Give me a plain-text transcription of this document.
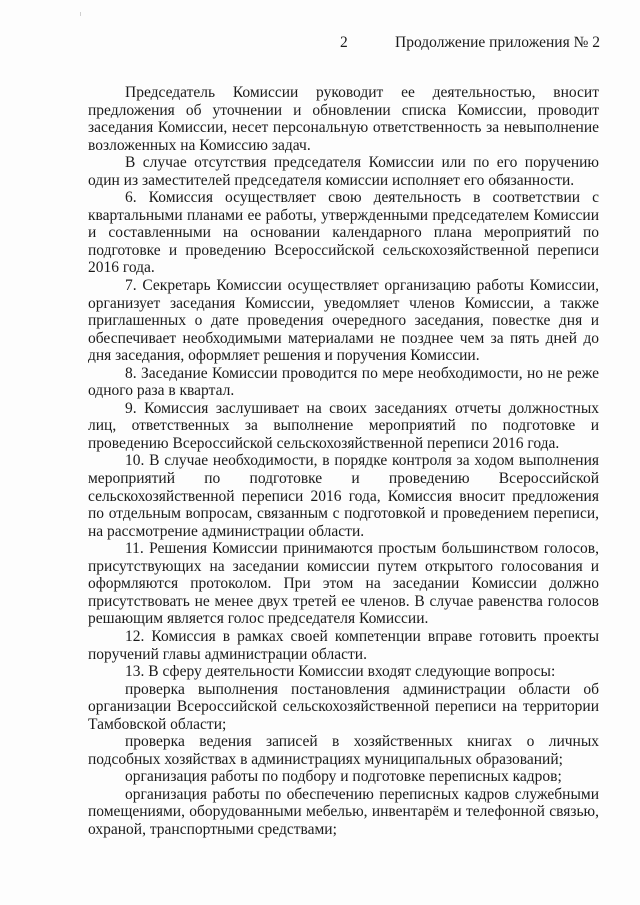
2	Продолжение приложения № 2

Председатель Комиссии руководит ее деятельностью, вносит предложения об уточнении и обновлении списка Комиссии, проводит заседания Комиссии, несет персональную ответственность за невыполнение возложенных на Комиссию задач.

В случае отсутствия председателя Комиссии или по его поручению один из заместителей председателя комиссии исполняет его обязанности.

6. Комиссия осуществляет свою деятельность в соответствии с квартальными планами ее работы, утвержденными председателем Комиссии и составленными на основании календарного плана мероприятий по подготовке и проведению Всероссийской сельскохозяйственной переписи 2016 года.

7. Секретарь Комиссии осуществляет организацию работы Комиссии, организует заседания Комиссии, уведомляет членов Комиссии, а также приглашенных о дате проведения очередного заседания, повестке дня и обеспечивает необходимыми материалами не позднее чем за пять дней до дня заседания, оформляет решения и поручения Комиссии.

8. Заседание Комиссии проводится по мере необходимости, но не реже одного раза в квартал.

9. Комиссия заслушивает на своих заседаниях отчеты должностных лиц, ответственных за выполнение мероприятий по подготовке и проведению Всероссийской сельскохозяйственной переписи 2016 года.

10. В случае необходимости, в порядке контроля за ходом выполнения мероприятий по подготовке и проведению Всероссийской сельскохозяйственной переписи 2016 года, Комиссия вносит предложения по отдельным вопросам, связанным с подготовкой и проведением переписи, на рассмотрение администрации области.

11. Решения Комиссии принимаются простым большинством голосов, присутствующих на заседании комиссии путем открытого голосования и оформляются протоколом. При этом на заседании Комиссии должно присутствовать не менее двух третей ее членов. В случае равенства голосов решающим является голос председателя Комиссии.

12. Комиссия в рамках своей компетенции вправе готовить проекты поручений главы администрации области.

13. В сферу деятельности Комиссии входят следующие вопросы:

проверка выполнения постановления администрации области об организации Всероссийской сельскохозяйственной переписи на территории Тамбовской области;

проверка ведения записей в хозяйственных книгах о личных подсобных хозяйствах в администрациях муниципальных образований;

организация работы по подбору и подготовке переписных кадров;

организация работы по обеспечению переписных кадров служебными помещениями, оборудованными мебелью, инвентарём и телефонной связью, охраной, транспортными средствами;
